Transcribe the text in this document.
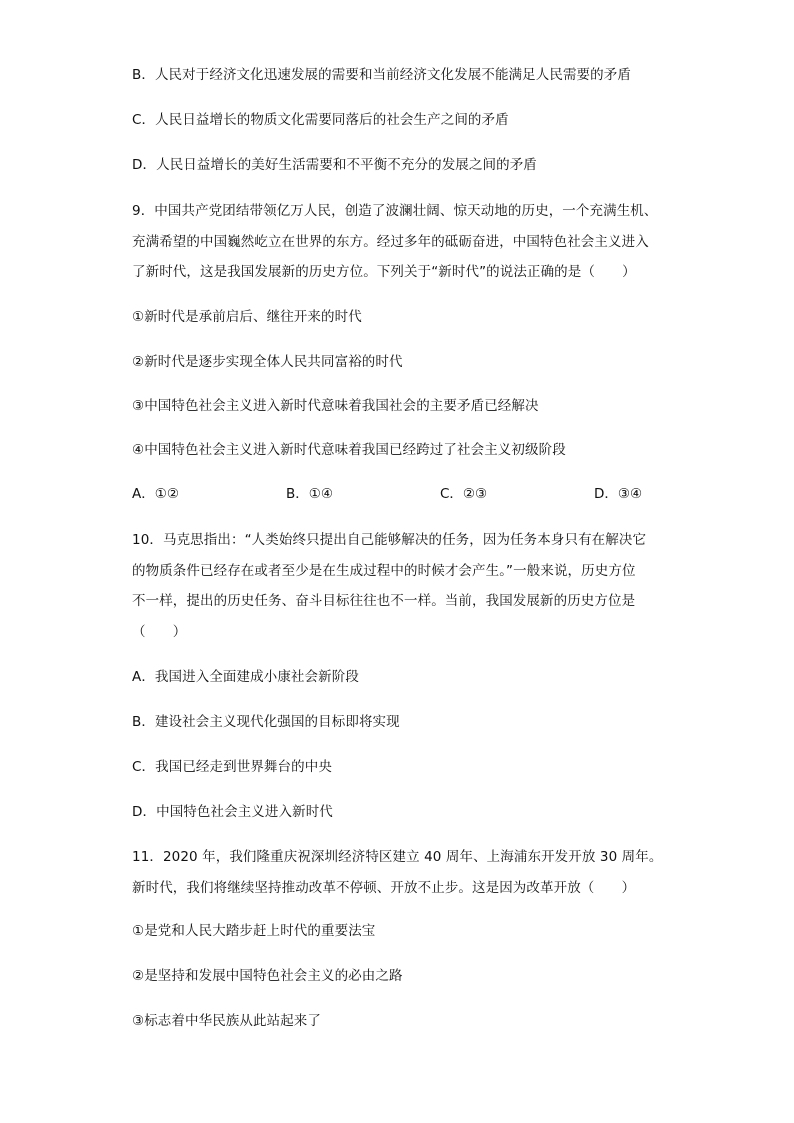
B．人民对于经济文化迅速发展的需要和当前经济文化发展不能满足人民需要的矛盾
C．人民日益增长的物质文化需要同落后的社会生产之间的矛盾
D．人民日益增长的美好生活需要和不平衡不充分的发展之间的矛盾
9．中国共产党团结带领亿万人民，创造了波澜壮阔、惊天动地的历史，一个充满生机、
充满希望的中国巍然屹立在世界的东方。经过多年的砥砺奋进，中国特色社会主义进入
了新时代，这是我国发展新的历史方位。下列关于“新时代”的说法正确的是（　　）
①新时代是承前启后、继往开来的时代
②新时代是逐步实现全体人民共同富裕的时代
③中国特色社会主义进入新时代意味着我国社会的主要矛盾已经解决
④中国特色社会主义进入新时代意味着我国已经跨过了社会主义初级阶段
A．①②	B．①④	C．②③	D．③④
10．马克思指出：“人类始终只提出自己能够解决的任务，因为任务本身只有在解决它
的物质条件已经存在或者至少是在生成过程中的时候才会产生。”一般来说，历史方位
不一样，提出的历史任务、奋斗目标往往也不一样。当前，我国发展新的历史方位是
（　　）
A．我国进入全面建成小康社会新阶段
B．建设社会主义现代化强国的目标即将实现
C．我国已经走到世界舞台的中央
D．中国特色社会主义进入新时代
11．2020 年，我们隆重庆祝深圳经济特区建立 40 周年、上海浦东开发开放 30 周年。
新时代，我们将继续坚持推动改革不停顿、开放不止步。这是因为改革开放（　　）
①是党和人民大踏步赶上时代的重要法宝
②是坚持和发展中国特色社会主义的必由之路
③标志着中华民族从此站起来了
